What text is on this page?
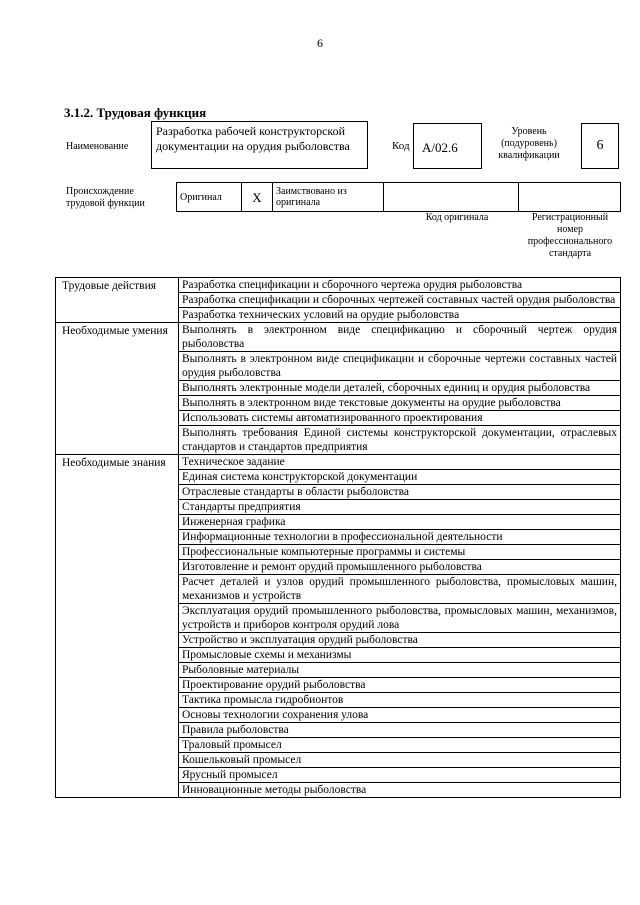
6
3.1.2. Трудовая функция
Наименование
Разработка рабочей конструкторской документации на орудия рыболовства	Код А/02.6
Уровень (подуровень) квалификации
6
Происхождение трудовой функции
Оригинал	X	Заимствовано из оригинала		
Код оригинала	Регистрационный номер профессионального стандарта
Трудовые действия	Разработка спецификации и сборочного чертежа орудия рыболовства
	Разработка спецификации и сборочных чертежей составных частей орудия рыболовства
	Разработка технических условий на орудие рыболовства
Необходимые умения	Выполнять в электронном виде спецификацию и сборочный чертеж орудия рыболовства
	Выполнять в электронном виде спецификации и сборочные чертежи составных частей орудия рыболовства
	Выполнять электронные модели деталей, сборочных единиц и орудия рыболовства
	Выполнять в электронном виде текстовые документы на орудие рыболовства
	Использовать системы автоматизированного проектирования
	Выполнять требования Единой системы конструкторской документации, отраслевых стандартов и стандартов предприятия
Необходимые знания	Техническое задание
	Единая система конструкторской документации
	Отраслевые стандарты в области рыболовства
	Стандарты предприятия
	Инженерная графика
	Информационные технологии в профессиональной деятельности
	Профессиональные компьютерные программы и системы
	Изготовление и ремонт орудий промышленного рыболовства
	Расчет деталей и узлов орудий промышленного рыболовства, промысловых машин, механизмов и устройств
	Эксплуатация орудий промышленного рыболовства, промысловых машин, механизмов, устройств и приборов контроля орудий лова
	Устройство и эксплуатация орудий рыболовства
	Промысловые схемы и механизмы
	Рыболовные материалы
	Проектирование орудий рыболовства
	Тактика промысла гидробионтов
	Основы технологии сохранения улова
	Правила рыболовства
	Траловый промысел
	Кошельковый промысел
	Ярусный промысел
	Инновационные методы рыболовства
